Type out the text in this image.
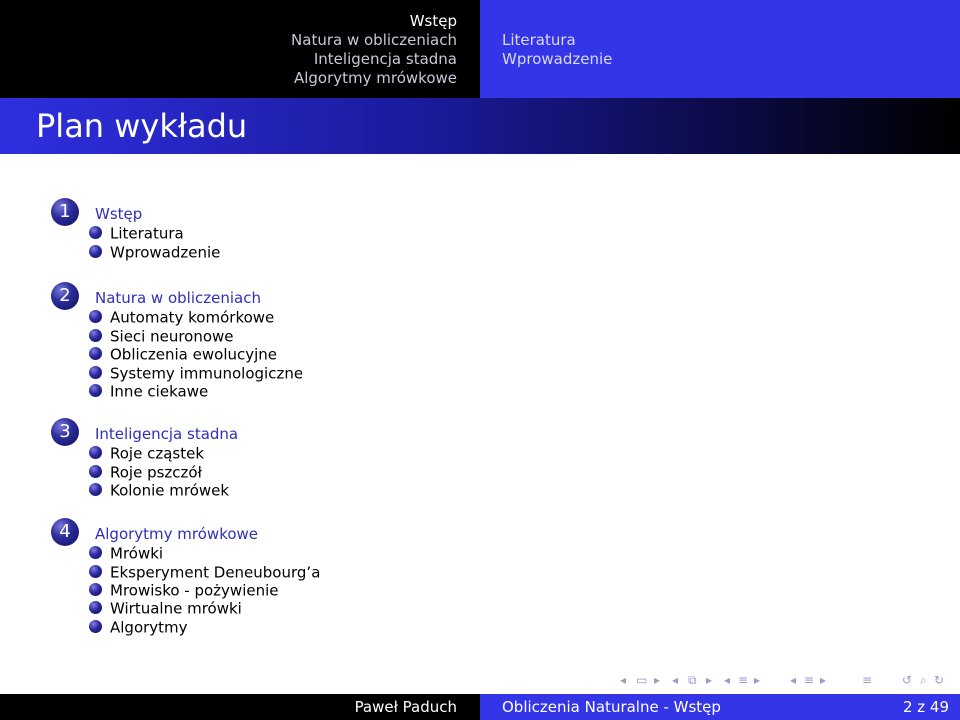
Wstęp
Natura w obliczeniach
Inteligencja stadna
Algorytmy mrówkowe
Literatura
Wprowadzenie
Plan wykładu
1	Wstęp
Literatura
Wprowadzenie
2	Natura w obliczeniach
Automaty komórkowe
Sieci neuronowe
Obliczenia ewolucyjne
Systemy immunologiczne
Inne ciekawe
3	Inteligencja stadna
Roje cząstek
Roje pszczół
Kolonie mrówek
4	Algorytmy mrówkowe
Mrówki
Eksperyment Deneubourg’a
Mrowisko - pożywienie
Wirtualne mrówki
Algorytmy
◂ ▭ ▸ ◂ ⧉ ▸ ◂ ≡ ▸ ◂ ≡ ▸	≡ ↺ ⌕ ↻
Paweł Paduch	Obliczenia Naturalne - Wstęp	2 z 49
